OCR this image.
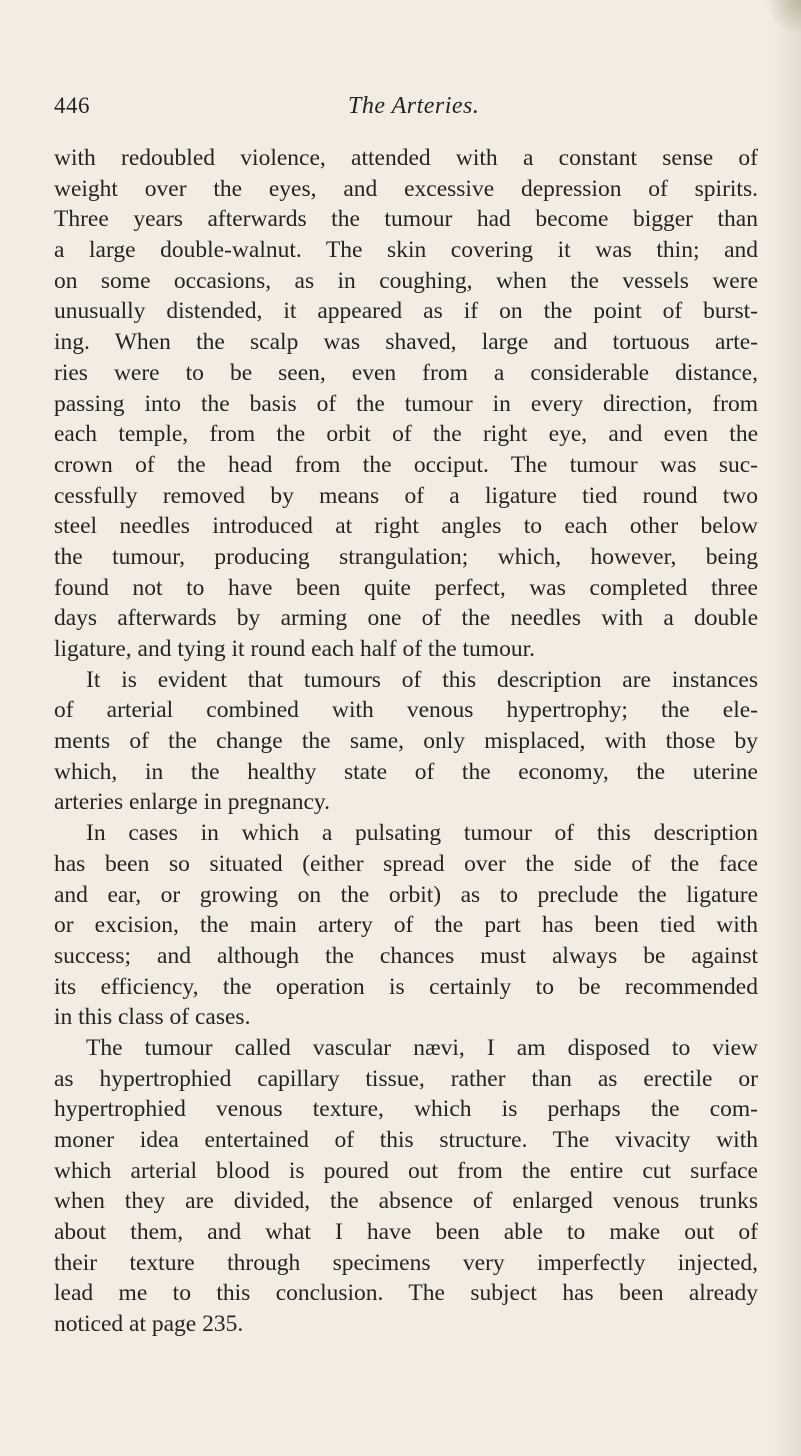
446	The Arteries.
with redoubled violence, attended with a constant sense of
weight over the eyes, and excessive depression of spirits.
Three years afterwards the tumour had become bigger than
a large double-walnut. The skin covering it was thin; and
on some occasions, as in coughing, when the vessels were
unusually distended, it appeared as if on the point of burst-
ing. When the scalp was shaved, large and tortuous arte-
ries were to be seen, even from a considerable distance,
passing into the basis of the tumour in every direction, from
each temple, from the orbit of the right eye, and even the
crown of the head from the occiput. The tumour was suc-
cessfully removed by means of a ligature tied round two
steel needles introduced at right angles to each other below
the tumour, producing strangulation; which, however, being
found not to have been quite perfect, was completed three
days afterwards by arming one of the needles with a double
ligature, and tying it round each half of the tumour.
It is evident that tumours of this description are instances
of arterial combined with venous hypertrophy; the ele-
ments of the change the same, only misplaced, with those by
which, in the healthy state of the economy, the uterine
arteries enlarge in pregnancy.
In cases in which a pulsating tumour of this description
has been so situated (either spread over the side of the face
and ear, or growing on the orbit) as to preclude the ligature
or excision, the main artery of the part has been tied with
success; and although the chances must always be against
its efficiency, the operation is certainly to be recommended
in this class of cases.
The tumour called vascular nævi, I am disposed to view
as hypertrophied capillary tissue, rather than as erectile or
hypertrophied venous texture, which is perhaps the com-
moner idea entertained of this structure. The vivacity with
which arterial blood is poured out from the entire cut surface
when they are divided, the absence of enlarged venous trunks
about them, and what I have been able to make out of
their texture through specimens very imperfectly injected,
lead me to this conclusion. The subject has been already
noticed at page 235.
